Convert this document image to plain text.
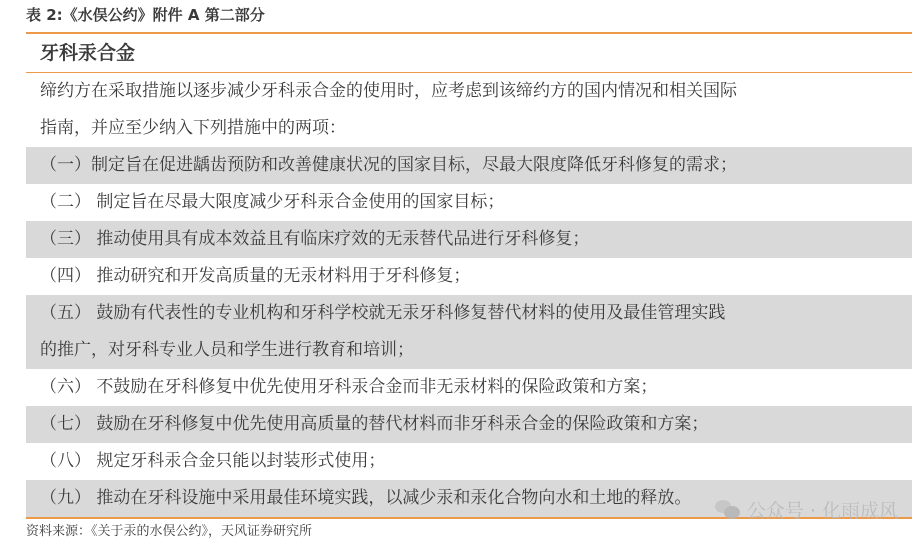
表 2:《水俣公约》附件 A 第二部分
牙科汞合金
缔约方在采取措施以逐步减少牙科汞合金的使用时，应考虑到该缔约方的国内情况和相关国际
指南，并应至少纳入下列措施中的两项：
（一）制定旨在促进龋齿预防和改善健康状况的国家目标，尽最大限度降低牙科修复的需求；
（二） 制定旨在尽最大限度减少牙科汞合金使用的国家目标；
（三） 推动使用具有成本效益且有临床疗效的无汞替代品进行牙科修复；
（四） 推动研究和开发高质量的无汞材料用于牙科修复；
（五） 鼓励有代表性的专业机构和牙科学校就无汞牙科修复替代材料的使用及最佳管理实践
的推广，对牙科专业人员和学生进行教育和培训；
（六） 不鼓励在牙科修复中优先使用牙科汞合金而非无汞材料的保险政策和方案；
（七） 鼓励在牙科修复中优先使用高质量的替代材料而非牙科汞合金的保险政策和方案；
（八） 规定牙科汞合金只能以封装形式使用；
（九） 推动在牙科设施中采用最佳环境实践，以减少汞和汞化合物向水和土地的释放。
公众号 · 化雨成风
资料来源：《关于汞的水俣公约》，天风证券研究所
